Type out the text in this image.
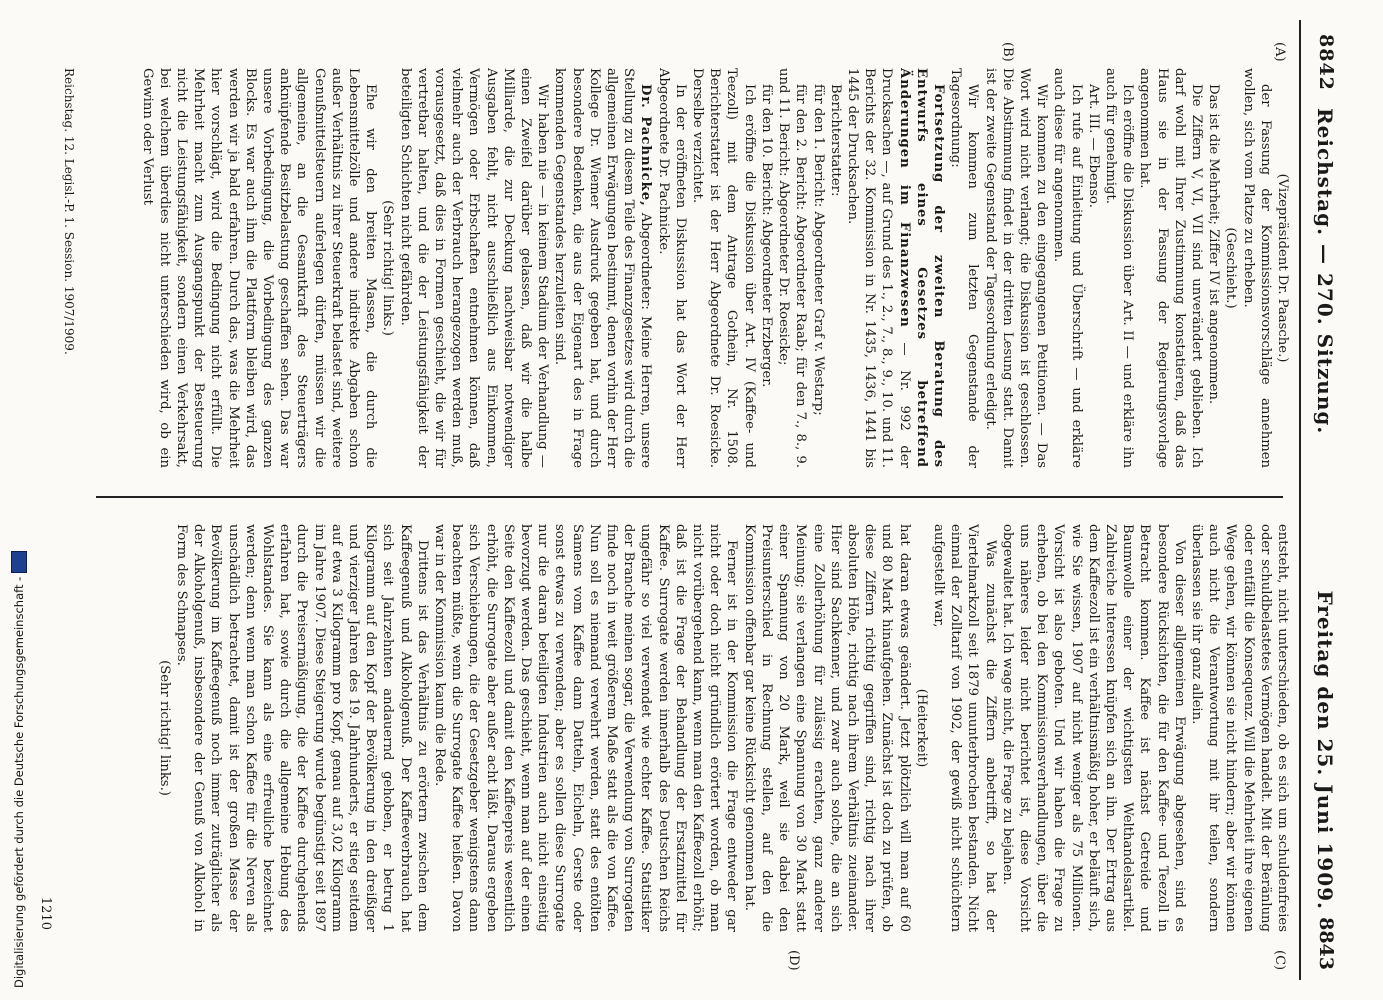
8842
Reichstag. — 270. Sitzung.
Freitag den 25. Juni 1909.
8843
(A)
(B)
(C)
(D)

(Vizepräsident Dr. Paasche.)

der Fassung der Kommissionsvorschläge annehmen wollen, sich vom Platze zu erheben.

(Geschieht.)

Das ist die Mehrheit; Ziffer IV ist angenommen.

Die Ziffern V, VI, VII sind unverändert geblieben. Ich darf wohl mit Ihrer Zustimmung konstatieren, daß das Haus sie in der Fassung der Regierungsvorlage angenommen hat.

Ich eröffne die Diskussion über Art. II — und erkläre ihn auch für genehmigt.

Art. III. — Ebenso.

Ich rufe auf Einleitung und Überschrift — und erkläre auch diese für angenommen.

Wir kommen zu den eingegangenen Petitionen. — Das Wort wird nicht verlangt; die Diskussion ist geschlossen. Die Abstimmung findet in der dritten Lesung statt. Damit ist der zweite Gegenstand der Tagesordnung erledigt.

Wir kommen zum letzten Gegenstande der Tagesordnung:

Fortsetzung der zweiten Beratung des Entwurfs eines Gesetzes betreffend Änderungen im Finanzwesen — Nr. 992 der Drucksachen —, auf Grund des 1., 2., 7., 8., 9., 10. und 11. Berichts der 32. Kommission in Nr. 1435, 1436, 1441 bis 1445 der Drucksachen.

Berichterstatter:

für den 1. Bericht: Abgeordneter Graf v. Westarp;

für den 2. Bericht: Abgeordneter Raab; für den 7., 8., 9. und 11. Bericht: Abgeordneter Dr. Roesicke;

für den 10. Bericht: Abgeordneter Erzberger.

Ich eröffne die Diskussion über Art. IV (Kaffee- und Teezoll) mit dem Antrage Gothein, Nr. 1508. Berichterstatter ist der Herr Abgeordnete Dr. Roesicke. Derselbe verzichtet.

In der eröffneten Diskussion hat das Wort der Herr Abgeordnete Dr. Pachnicke.

Dr. Pachnicke, Abgeordneter: Meine Herren, unsere Stellung zu diesem Teile des Finanzgesetzes wird durch die allgemeinen Erwägungen bestimmt, denen vorhin der Herr Kollege Dr. Wiemer Ausdruck gegeben hat, und durch besondere Bedenken, die aus der Eigenart des in Frage kommenden Gegenstandes herzuleiten sind.

Wir haben nie — in keinem Stadium der Verhandlung — einen Zweifel darüber gelassen, daß wir die halbe Milliarde, die zur Deckung nachweisbar notwendiger Ausgaben fehlt, nicht ausschließlich aus Einkommen, Vermögen oder Erbschaften entnehmen können, daß vielmehr auch der Verbrauch herangezogen werden muß, vorausgesetzt, daß dies in Formen geschieht, die wir für vertretbar halten, und die der Leistungsfähigkeit der beteiligten Schichten nicht gefährden.

(Sehr richtig! links.)

Ehe wir den breiten Massen, die durch die Lebensmittelzölle und andere indirekte Abgaben schon außer Verhältnis zu ihrer Steuerkraft belastet sind, weitere Genußmittelsteuern auferlegen dürfen, müssen wir die allgemeine, an die Gesamtkraft des Steuerträgers anknüpfende Besitzbelastung geschaffen sehen. Das war unsere Vorbedingung, die Vorbedingung des ganzen Blocks. Es war auch ihm die Plattform bleiben wird, das werden wir ja bald erfahren. Durch das, was die Mehrheit hier vorschlägt, wird die Bedingung nicht erfüllt. Die Mehrheit macht zum Ausgangspunkt der Besteuerung nicht die Leistungsfähigkeit, sondern einen Verkehrsakt, bei welchem überdies nicht unterschieden wird, ob ein Gewinn oder Verlust

entsteht, nicht unterschieden, ob es sich um schuldenfreies oder schuldbelastetes Vermögen handelt. Mit der Beränlung oder entfällt die Konsequenz. Will die Mehrheit ihre eigenen Wege gehen, wir können sie nicht hindern; aber wir können auch nicht die Verantwortung mit ihr teilen, sondern überlassen sie ihr ganz allein.

Von dieser allgemeinen Erwägung abgesehen, sind es besondere Rücksichten, die für den Kaffee- und Teezoll in Betracht kommen. Kaffee ist nächst Getreide und Baumwolle einer der wichtigsten Welthandelsartikel. Zahlreiche Interessen knüpfen sich an ihn. Der Ertrag aus dem Kaffeezoll ist ein verhältnismäßig hoher, er beläuft sich, wie Sie wissen, 1907 auf nicht weniger als 75 Millionen. Vorsicht ist also geboten. Und wir haben die Frage zu erheben, ob bei den Kommissionsverhandlungen, über die uns näheres leider nicht berichtet ist, diese Vorsicht obgewaltet hat. Ich wage nicht, die Frage zu bejahen.

Was zunächst die Ziffern anbetrifft, so hat der Viertelmarkzoll seit 1879 ununterbrochen bestanden. Nicht einmal der Zolltarif von 1902, der gewiß nicht schüchtern aufgestellt war,

(Heiterkeit)

hat daran etwas geändert. Jetzt plötzlich will man auf 60 und 80 Mark hinaufgehen. Zunächst ist doch zu prüfen, ob diese Ziffern richtig gegriffen sind, richtig nach ihrer absoluten Höhe, richtig nach ihrem Verhältnis zueinander. Hier sind Sachkenner, und zwar auch solche, die an sich eine Zollerhöhung für zulässig erachten, ganz anderer Meinung; sie verlangen eine Spannung von 30 Mark statt einer Spannung von 20 Mark, weil sie dabei den Preisunterschied in Rechnung stellen, auf den die Kommission offenbar gar keine Rücksicht genommen hat.

Ferner ist in der Kommission die Frage entweder gar nicht oder doch nicht gründlich erörtert worden, ob man nicht vorübergehend kann, wenn man den Kaffeezoll erhöht; daß ist die Frage der Behandlung der Ersatzmittel für Kaffee. Surrogate werden innerhalb des Deutschen Reichs ungefähr so viel verwendet wie echter Kaffee. Statistiker der Branche meinen sogar, die Verwendung von Surrogaten finde noch in weit größerem Maße statt als die von Kaffee. Nun soll es niemand verwehrt werden, statt des entölten Samens vom Kaffee dann Datteln, Eicheln, Gerste oder sonst etwas zu verwenden; aber es sollen diese Surrogate nur die daran beteiligten Industrien auch nicht einseitig bevorzugt werden. Das geschieht, wenn man auf der einen Seite den Kaffeezoll und damit den Kaffeepreis wesentlich erhöht, die Surrogate aber außer acht läßt. Daraus ergeben sich Verschiebungen, die der Gesetzgeber wenigstens dann beachten müßte, wenn die Surrogate Kaffee heißen. Davon war in der Kommission kaum die Rede.

Drittens ist das Verhältnis zu erörtern zwischen dem Kaffeegenuß und Alkoholgenuß. Der Kaffeeverbrauch hat sich seit Jahrzehnten andauernd gehoben, er betrug 1 Kilogramm auf den Kopf der Bevölkerung in den dreißiger und vierziger Jahren des 19. Jahrhunderts, er stieg seitdem auf etwa 3 Kilogramm pro Kopf, genau auf 3,02 Kilogramm im Jahre 1907. Diese Steigerung wurde begünstigt seit 1897 durch die Preisermäßigung, die der Kaffee durchgehends erfahren hat, sowie durch die allgemeine Hebung des Wohlstandes. Sie kann als eine erfreuliche bezeichnet werden; denn wenn man schon Kaffee für die Nerven als unschädlich betrachtet, damit ist der großen Masse der Bevölkerung im Kaffeegenuß noch immer zuträglicher als der Alkoholgenuß, insbesondere der Genuß von Alkohol in Form des Schnapses.

(Sehr richtig! links.)

Reichstag. 12. Legisl.-P. 1. Session. 1907/1909.
1210
Digitalisierung gefördert durch die Deutsche Forschungsgemeinschaft -
